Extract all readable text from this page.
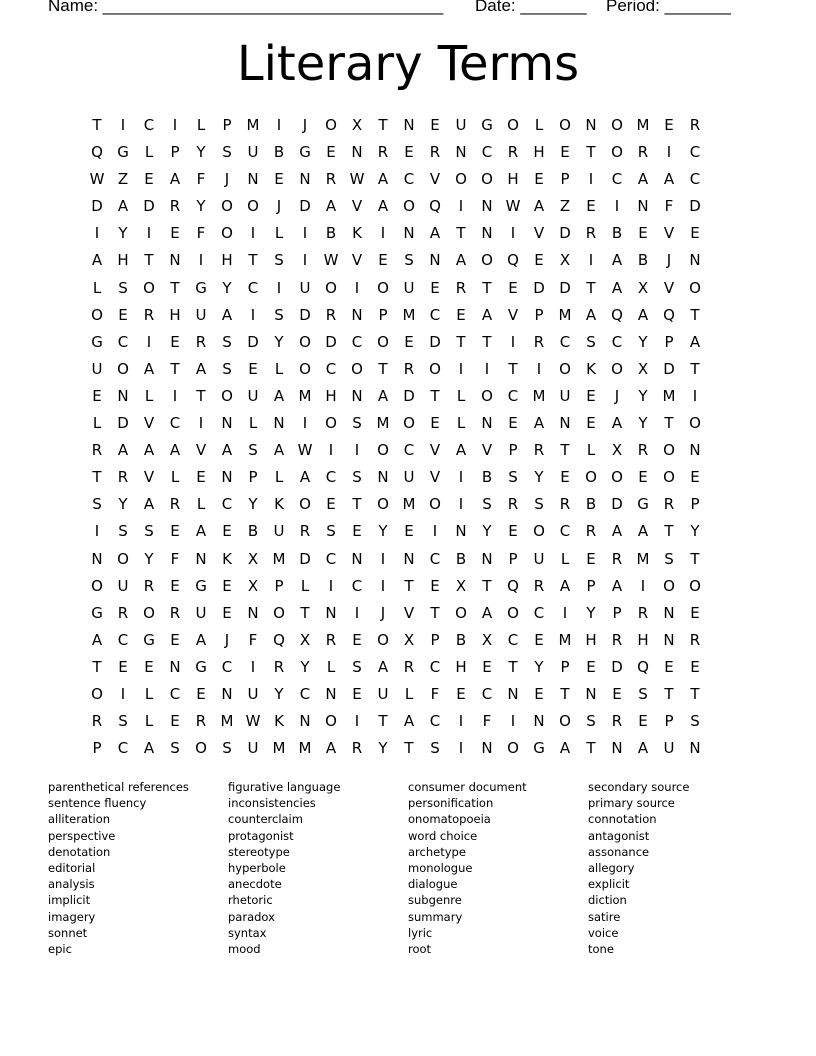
Name: ____________________________________

Date: _______

Period: _______

Literary Terms
T	I	C	I	L	P	M	I	J	O X	T	N	E	U G O	L	O N O M E	R
Q G	L	P	Y	S	U	B	G	E	N	R	E	R	N	C	R	H	E	T	O R	I	C
W Z	E	A	F	J	N	E	N	R W A	C	V O O H	E	P	I	C	A	A	C
D	A	D	R	Y	O O	J	D	A	V	A O Q	I	N W A	Z	E	I	N	F	D
I	Y	I	E	F	O	I	L	I	B	K	I	N	A	T	N	I	V	D	R	B	E	V	E
A	H	T	N	I	H	T	S	I	W V	E	S	N	A O Q	E	X	I	A	B	J	N
L	S	O	T	G	Y	C	I	U O	I	O U	E	R	T	E	D D	T	A	X	V O
O	E	R	H U	A	I	S	D	R	N	P	M C	E	A	V	P	M A Q A Q	T
G C	I	E	R	S	D	Y	O D C O	E	D	T	T	I	R	C	S	C	Y	P	A
U O A	T	A	S	E	L	O C O	T	R O	I	I	T	I	O	K	O X	D	T
E	N	L	I	T	O U	A M H N	A	D	T	L	O C M U	E	J	Y M	I
L	D	V	C	I	N	L	N	I	O	S M O	E	L	N	E	A	N	E	A	Y	T	O
R	A	A	A	V	A	S	A W	I	I	O C	V	A	V	P	R	T	L	X	R O N
T	R	V	L	E	N	P	L	A	C	S	N U	V	I	B	S	Y	E	O O	E	O	E
S	Y	A	R	L	C	Y	K	O	E	T	O M O	I	S	R	S	R	B	D G R	P
I	S	S	E	A	E	B	U	R	S	E	Y	E	I	N	Y	E	O C	R	A	A	T	Y
N O	Y	F	N	K	X M D C	N	I	N	C	B	N	P	U	L	E	R M S	T
O U	R	E	G	E	X	P	L	I	C	I	T	E	X	T	Q R	A	P	A	I	O O
G R O R	U	E	N O	T	N	I	J	V	T	O A O C	I	Y	P	R	N	E
A	C G	E	A	J	F	Q X	R	E	O X	P	B	X	C	E M H	R	H N	R
T	E	E	N G C	I	R	Y	L	S	A	R	C	H	E	T	Y	P	E	D Q	E	E
O	I	L	C	E	N U	Y	C	N	E	U	L	F	E	C	N	E	T	N	E	S	T	T
R	S	L	E	R M W K	N O	I	T	A	C	I	F	I	N O	S	R	E	P	S
P	C	A	S	O	S	U M M A	R	Y	T	S	I	N O G	A	T	N	A	U N
parenthetical references
sentence fluency
alliteration
perspective
denotation
editorial
analysis
implicit
imagery
sonnet
epic
figurative language
inconsistencies
counterclaim
protagonist
stereotype
hyperbole
anecdote
rhetoric
paradox
syntax
mood
consumer document
personification
onomatopoeia
word choice
archetype
monologue
dialogue
subgenre
summary
lyric
root
secondary source
primary source
connotation
antagonist
assonance
allegory
explicit
diction
satire
voice
tone
